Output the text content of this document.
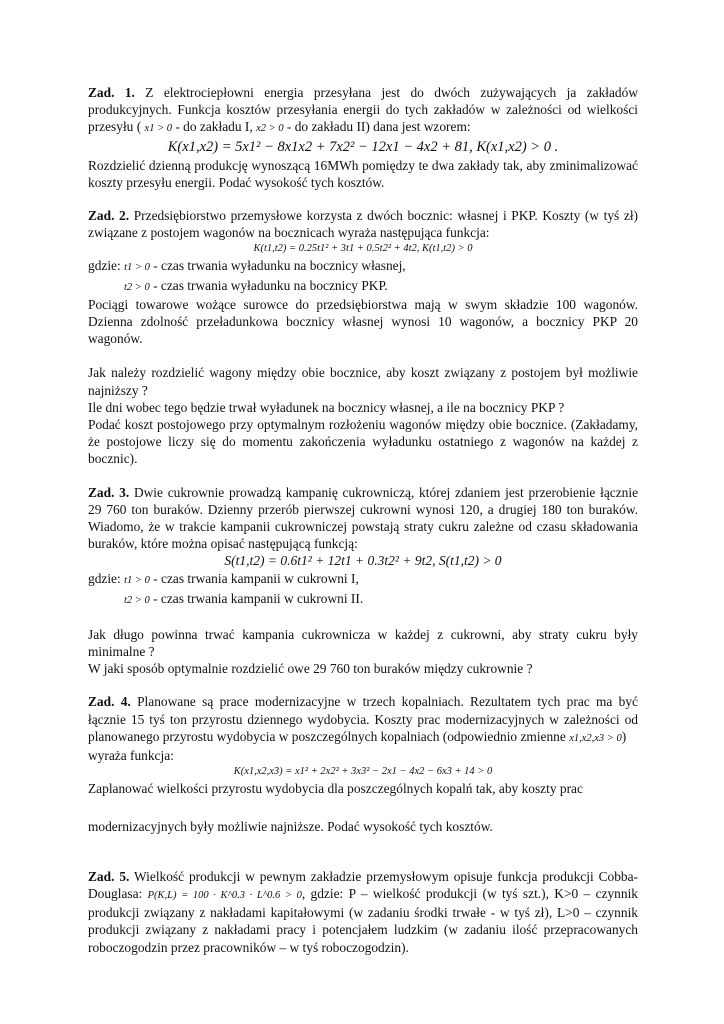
Zad. 1. Z elektrociepłowni energia przesyłana jest do dwóch zużywających ja zakładów produkcyjnych. Funkcja kosztów przesyłania energii do tych zakładów w zależności od wielkości przesyłu ( x1 > 0 - do zakładu I, x2 > 0 - do zakładu II) dana jest wzorem:

K(x1,x2) = 5x1² − 8x1x2 + 7x2² − 12x1 − 4x2 + 81, K(x1,x2) > 0 .

Rozdzielić dzienną produkcję wynoszącą 16MWh pomiędzy te dwa zakłady tak, aby zminimalizować koszty przesyłu energii. Podać wysokość tych kosztów.

Zad. 2. Przedsiębiorstwo przemysłowe korzysta z dwóch bocznic: własnej i PKP. Koszty (w tyś zł) związane z postojem wagonów na bocznicach wyraża następująca funkcja:

K(t1,t2) = 0.25t1² + 3t1 + 0.5t2² + 4t2, K(t1,t2) > 0

gdzie: t1 > 0 - czas trwania wyładunku na bocznicy własnej,

t2 > 0 - czas trwania wyładunku na bocznicy PKP.

Pociągi towarowe wożące surowce do przedsiębiorstwa mają w swym składzie 100 wagonów. Dzienna zdolność przeładunkowa bocznicy własnej wynosi 10 wagonów, a bocznicy PKP 20 wagonów.

Jak należy rozdzielić wagony między obie bocznice, aby koszt związany z postojem był możliwie najniższy ?

Ile dni wobec tego będzie trwał wyładunek na bocznicy własnej, a ile na bocznicy PKP ?

Podać koszt postojowego przy optymalnym rozłożeniu wagonów między obie bocznice. (Zakładamy, że postojowe liczy się do momentu zakończenia wyładunku ostatniego z wagonów na każdej z bocznic).

Zad. 3. Dwie cukrownie prowadzą kampanię cukrowniczą, której zdaniem jest przerobienie łącznie 29 760 ton buraków. Dzienny przerób pierwszej cukrowni wynosi 120, a drugiej 180 ton buraków. Wiadomo, że w trakcie kampanii cukrowniczej powstają straty cukru zależne od czasu składowania buraków, które można opisać następującą funkcją:

S(t1,t2) = 0.6t1² + 12t1 + 0.3t2² + 9t2, S(t1,t2) > 0

gdzie: t1 > 0 - czas trwania kampanii w cukrowni I,

t2 > 0 - czas trwania kampanii w cukrowni II.

Jak długo powinna trwać kampania cukrownicza w każdej z cukrowni, aby straty cukru były minimalne ?

W jaki sposób optymalnie rozdzielić owe 29 760 ton buraków między cukrownie ?

Zad. 4. Planowane są prace modernizacyjne w trzech kopalniach. Rezultatem tych prac ma być łącznie 15 tyś ton przyrostu dziennego wydobycia. Koszty prac modernizacyjnych w zależności od planowanego przyrostu wydobycia w poszczególnych kopalniach (odpowiednio zmienne x1,x2,x3 > 0)

wyraża funkcja:

K(x1,x2,x3) = x1² + 2x2² + 3x3² − 2x1 − 4x2 − 6x3 + 14 > 0

Zaplanować wielkości przyrostu wydobycia dla poszczególnych kopalń tak, aby koszty prac

modernizacyjnych były możliwie najniższe. Podać wysokość tych kosztów.

Zad. 5. Wielkość produkcji w pewnym zakładzie przemysłowym opisuje funkcja produkcji Cobba-Douglasa: P(K,L) = 100 · K^0.3 · L^0.6 > 0, gdzie: P – wielkość produkcji (w tyś szt.), K>0 – czynnik produkcji związany z nakładami kapitałowymi (w zadaniu środki trwałe - w tyś zł), L>0 – czynnik produkcji związany z nakładami pracy i potencjałem ludzkim (w zadaniu ilość przepracowanych roboczogodzin przez pracowników – w tyś roboczogodzin).
